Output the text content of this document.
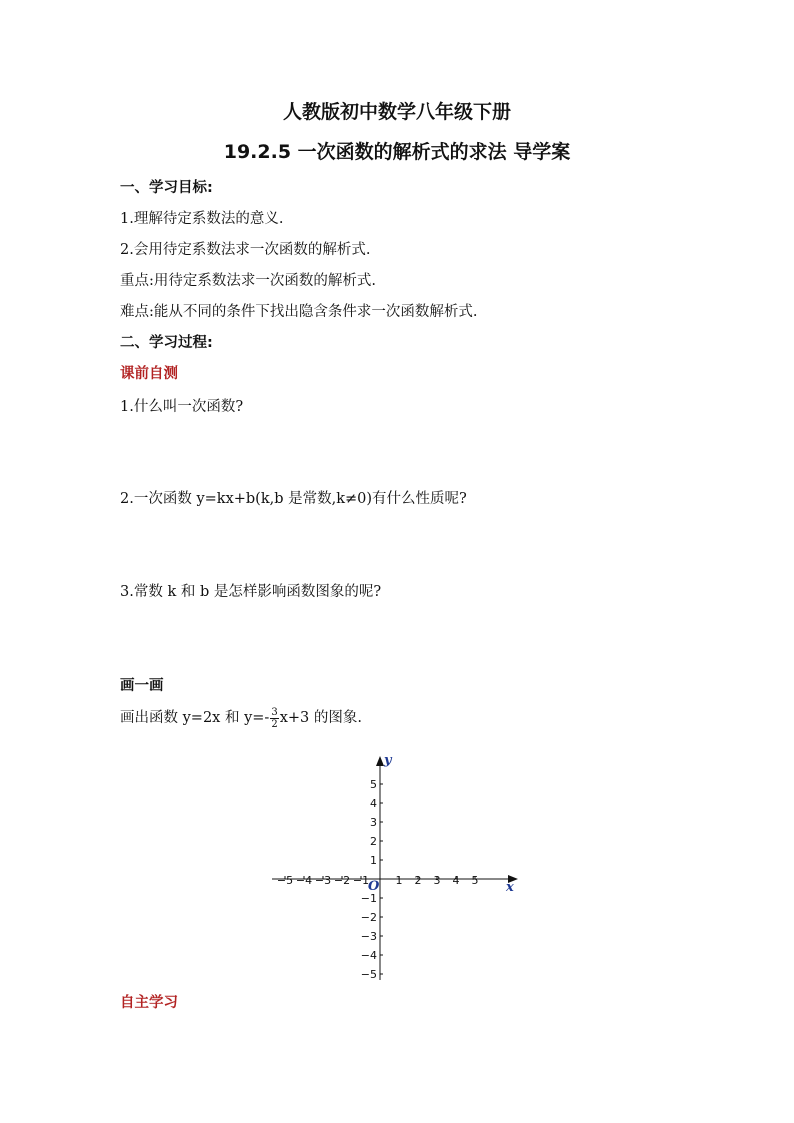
人教版初中数学八年级下册
19.2.5 一次函数的解析式的求法 导学案
一、学习目标:
1.理解待定系数法的意义.
2.会用待定系数法求一次函数的解析式.
重点:用待定系数法求一次函数的解析式.
难点:能从不同的条件下找出隐含条件求一次函数解析式.
二、学习过程:
课前自测
1.什么叫一次函数?
2.一次函数 y=kx+b(k,b 是常数,k≠0)有什么性质呢?
3.常数 k 和 b 是怎样影响函数图象的呢?
画一画
画出函数 y=2x 和 $y=- \frac{3}{2} x+3$ 的图象.
−5 −4 −3 −2 −1 1 2 3 4 5
5
4
3
2
1
−1
−2
−3
−4
−5
x
y
O
自主学习
